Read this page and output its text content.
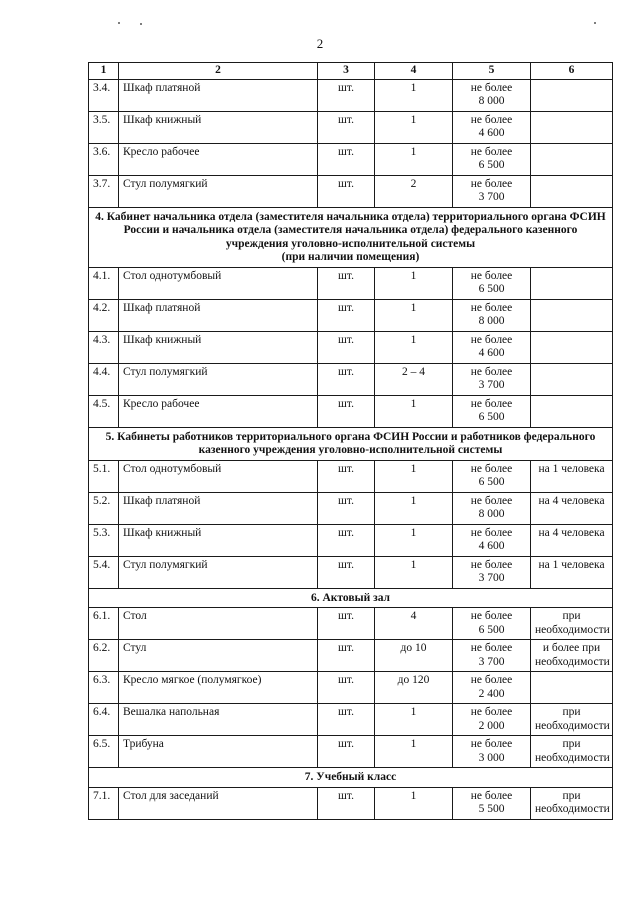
2
1	2	3	4	5	6
3.4.	Шкаф платяной	шт.	1	не более
8 000	
3.5.	Шкаф книжный	шт.	1	не более
4 600	
3.6.	Кресло рабочее	шт.	1	не более
6 500	
3.7.	Стул полумягкий	шт.	2	не более
3 700	
4. Кабинет начальника отдела (заместителя начальника отдела) территориального органа ФСИН России и начальника отдела (заместителя начальника отдела) федерального казенного учреждения уголовно-исполнительной системы
(при наличии помещения)					
4.1.	Стол однотумбовый	шт.	1	не более
6 500	
4.2.	Шкаф платяной	шт.	1	не более
8 000	
4.3.	Шкаф книжный	шт.	1	не более
4 600	
4.4.	Стул полумягкий	шт.	2 – 4	не более
3 700	
4.5.	Кресло рабочее	шт.	1	не более
6 500	
5. Кабинеты работников территориального органа ФСИН России и работников федерального казенного учреждения уголовно-исполнительной системы					
5.1.	Стол однотумбовый	шт.	1	не более
6 500	на 1 человека
5.2.	Шкаф платяной	шт.	1	не более
8 000	на 4 человека
5.3.	Шкаф книжный	шт.	1	не более
4 600	на 4 человека
5.4.	Стул полумягкий	шт.	1	не более
3 700	на 1 человека
6. Актовый зал					
6.1.	Стол	шт.	4	не более
6 500	при
необходимости
6.2.	Стул	шт.	до 10	не более
3 700	и более при
необходимости
6.3.	Кресло мягкое (полумягкое)	шт.	до 120	не более
2 400	
6.4.	Вешалка напольная	шт.	1	не более
2 000	при
необходимости
6.5.	Трибуна	шт.	1	не более
3 000	при
необходимости
7. Учебный класс					
7.1.	Стол для заседаний	шт.	1	не более
5 500	при
необходимости
